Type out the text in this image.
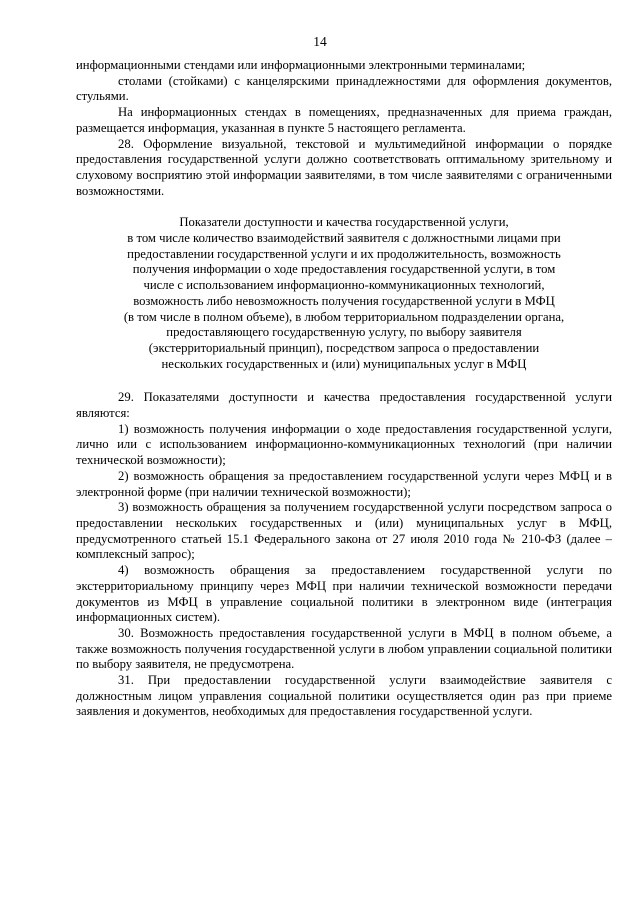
14

информационными стендами или информационными электронными терминалами;

столами (стойками) с канцелярскими принадлежностями для оформления документов, стульями.

На информационных стендах в помещениях, предназначенных для приема граждан, размещается информация, указанная в пункте 5 настоящего регламента.

28. Оформление визуальной, текстовой и мультимедийной информации о порядке предоставления государственной услуги должно соответствовать оптимальному зрительному и слуховому восприятию этой информации заявителями, в том числе заявителями с ограниченными возможностями.

Показатели доступности и качества государственной услуги,
в том числе количество взаимодействий заявителя с должностными лицами при
предоставлении государственной услуги и их продолжительность, возможность
получения информации о ходе предоставления государственной услуги, в том
числе с использованием информационно-коммуникационных технологий,
возможность либо невозможность получения государственной услуги в МФЦ
(в том числе в полном объеме), в любом территориальном подразделении органа,
предоставляющего государственную услугу, по выбору заявителя
(экстерриториальный принцип), посредством запроса о предоставлении
нескольких государственных и (или) муниципальных услуг в МФЦ

29. Показателями доступности и качества предоставления государственной услуги являются:

1) возможность получения информации о ходе предоставления государственной услуги, лично или с использованием информационно-коммуникационных технологий (при наличии технической возможности);

2) возможность обращения за предоставлением государственной услуги через МФЦ и в электронной форме (при наличии технической возможности);

3) возможность обращения за получением государственной услуги посредством запроса о предоставлении нескольких государственных и (или) муниципальных услуг в МФЦ, предусмотренного статьей 15.1 Федерального закона от 27 июля 2010 года № 210-ФЗ (далее – комплексный запрос);

4) возможность обращения за предоставлением государственной услуги по экстерриториальному принципу через МФЦ при наличии технической возможности передачи документов из МФЦ в управление социальной политики в электронном виде (интеграция информационных систем).

30. Возможность предоставления государственной услуги в МФЦ в полном объеме, а также возможность получения государственной услуги в любом управлении социальной политики по выбору заявителя, не предусмотрена.

31. При предоставлении государственной услуги взаимодействие заявителя с должностным лицом управления социальной политики осуществляется один раз при приеме заявления и документов, необходимых для предоставления государственной услуги.
